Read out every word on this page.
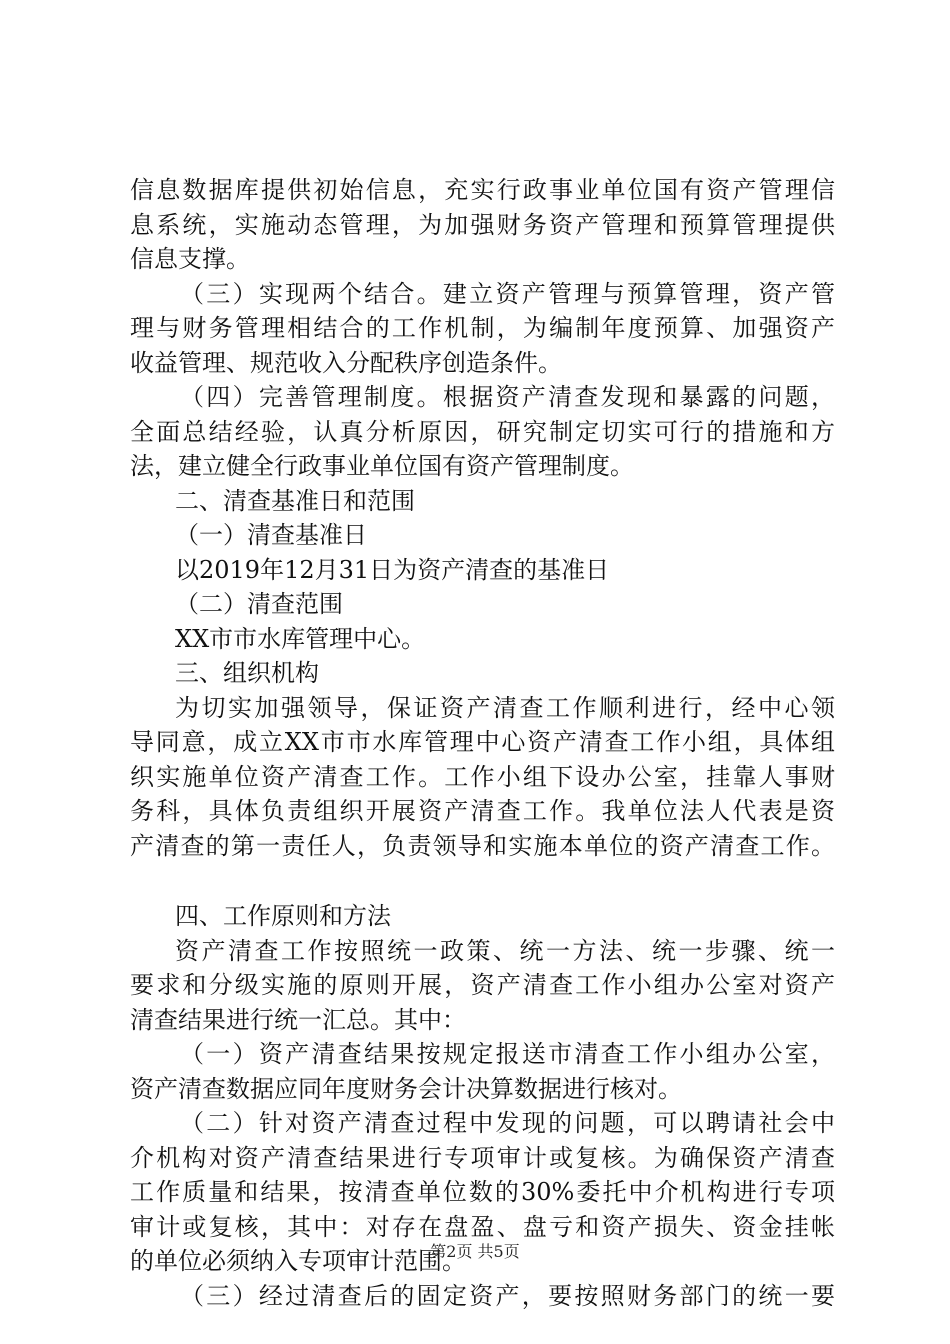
信息数据库提供初始信息，充实行政事业单位国有资产管理信
息系统，实施动态管理，为加强财务资产管理和预算管理提供
信息支撑。
（三）实现两个结合。建立资产管理与预算管理，资产管
理与财务管理相结合的工作机制，为编制年度预算、加强资产
收益管理、规范收入分配秩序创造条件。
（四）完善管理制度。根据资产清查发现和暴露的问题，
全面总结经验，认真分析原因，研究制定切实可行的措施和方
法，建立健全行政事业单位国有资产管理制度。
二、清查基准日和范围
（一）清查基准日
以2019年12月31日为资产清查的基准日
（二）清查范围
XX市市水库管理中心。
三、组织机构
为切实加强领导，保证资产清查工作顺利进行，经中心领
导同意，成立XX市市水库管理中心资产清查工作小组，具体组
织实施单位资产清查工作。工作小组下设办公室，挂靠人事财
务科，具体负责组织开展资产清查工作。我单位法人代表是资
产清查的第一责任人，负责领导和实施本单位的资产清查工作。
四、工作原则和方法
资产清查工作按照统一政策、统一方法、统一步骤、统一
要求和分级实施的原则开展，资产清查工作小组办公室对资产
清查结果进行统一汇总。其中：
（一）资产清查结果按规定报送市清查工作小组办公室，
资产清查数据应同年度财务会计决算数据进行核对。
（二）针对资产清查过程中发现的问题，可以聘请社会中
介机构对资产清查结果进行专项审计或复核。为确保资产清查
工作质量和结果，按清查单位数的30%委托中介机构进行专项
审计或复核，其中：对存在盘盈、盘亏和资产损失、资金挂帐
的单位必须纳入专项审计范围。
（三）经过清查后的固定资产，要按照财务部门的统一要
第2页 共5页
